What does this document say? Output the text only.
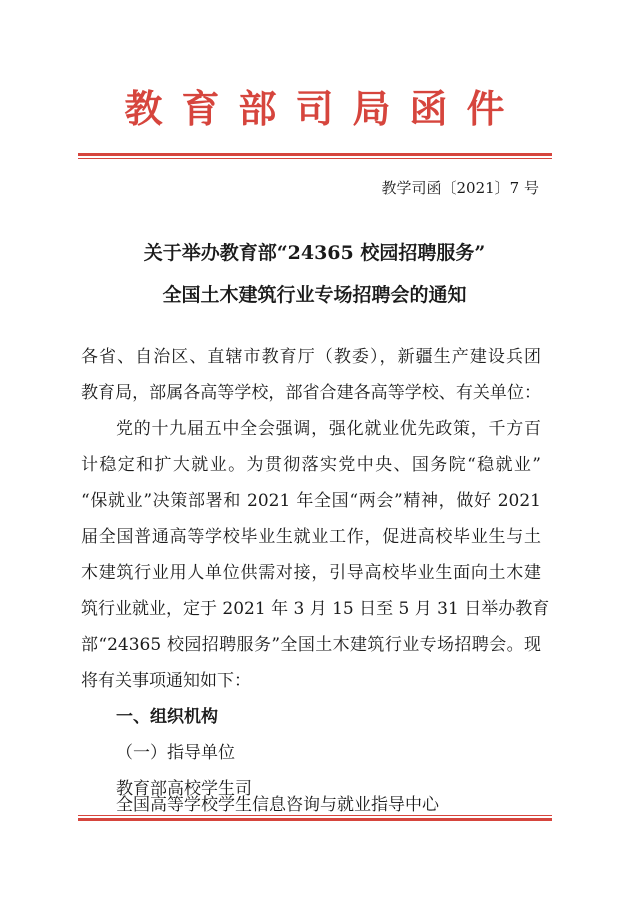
教育部司局函件
教学司函〔2021〕7 号
关于举办教育部“24365 校园招聘服务”
全国土木建筑行业专场招聘会的通知
各省、自治区、直辖市教育厅（教委），新疆生产建设兵团
教育局，部属各高等学校，部省合建各高等学校、有关单位：
党的十九届五中全会强调，强化就业优先政策，千方百
计稳定和扩大就业。为贯彻落实党中央、国务院“稳就业”
“保就业”决策部署和 2021 年全国“两会”精神，做好 2021
届全国普通高等学校毕业生就业工作，促进高校毕业生与土
木建筑行业用人单位供需对接，引导高校毕业生面向土木建
筑行业就业，定于 2021 年 3 月 15 日至 5 月 31 日举办教育
部“24365 校园招聘服务”全国土木建筑行业专场招聘会。现
将有关事项通知如下：
一、组织机构
（一）指导单位
教育部高校学生司
全国高等学校学生信息咨询与就业指导中心
